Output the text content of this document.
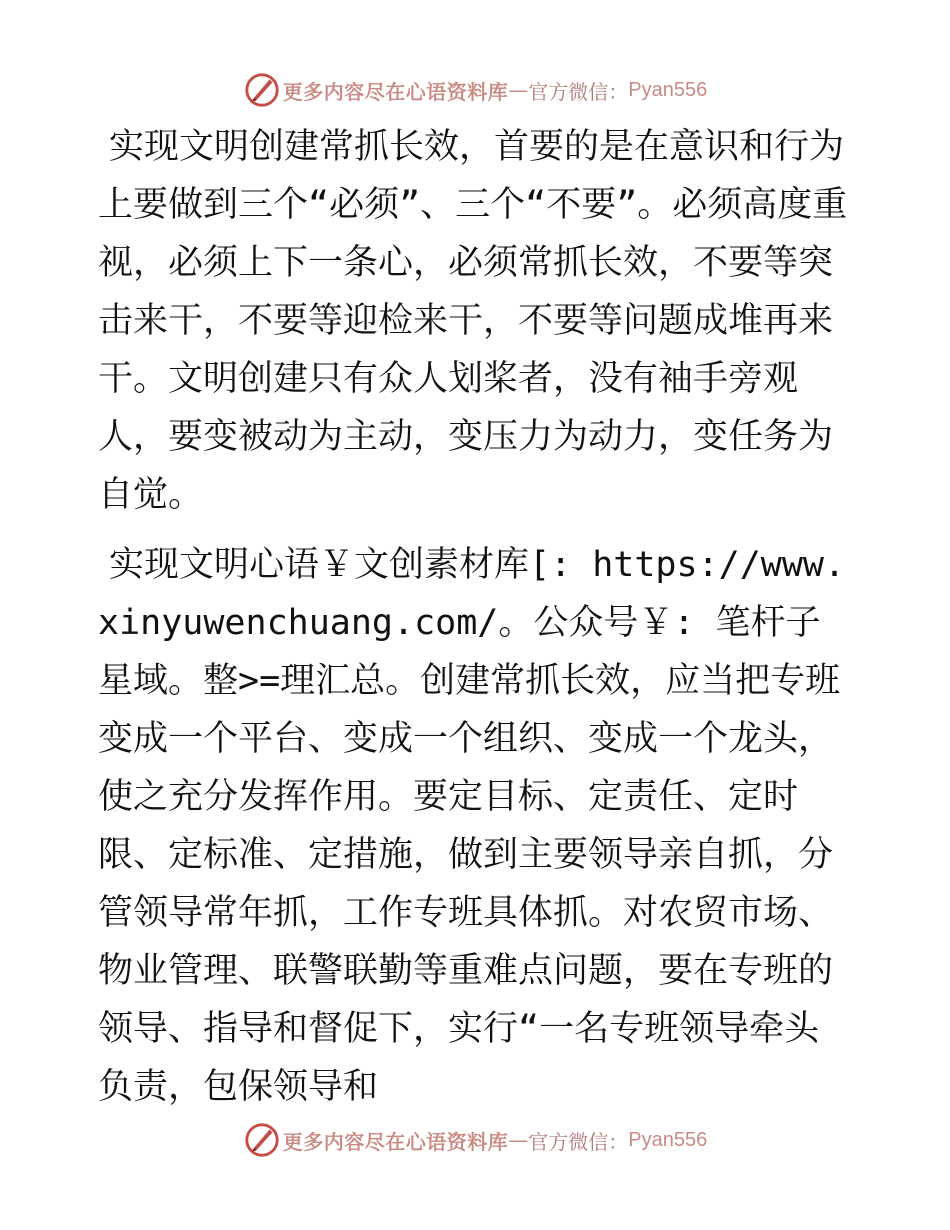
更多内容尽在心语资料库 — 官方微信： Pyan556

实现文明创建常抓长效，首要的是在意识和行为上要做到三个“必须”、三个“不要”。必须高度重视，必须上下一条心，必须常抓长效，不要等突击来干，不要等迎检来干，不要等问题成堆再来干。文明创建只有众人划桨者，没有袖手旁观人，要变被动为主动，变压力为动力，变任务为自觉。

实现文明心语￥文创素材库[: https://www.xinyuwenchuang.com/。公众号￥: 笔杆子星域。整>=理汇总。创建常抓长效，应当把专班变成一个平台、变成一个组织、变成一个龙头，使之充分发挥作用。要定目标、定责任、定时限、定标准、定措施，做到主要领导亲自抓，分管领导常年抓，工作专班具体抓。对农贸市场、物业管理、联警联勤等重难点问题，要在专班的领导、指导和督促下，实行“一名专班领导牵头负责，包保领导和

更多内容尽在心语资料库 — 官方微信： Pyan556
